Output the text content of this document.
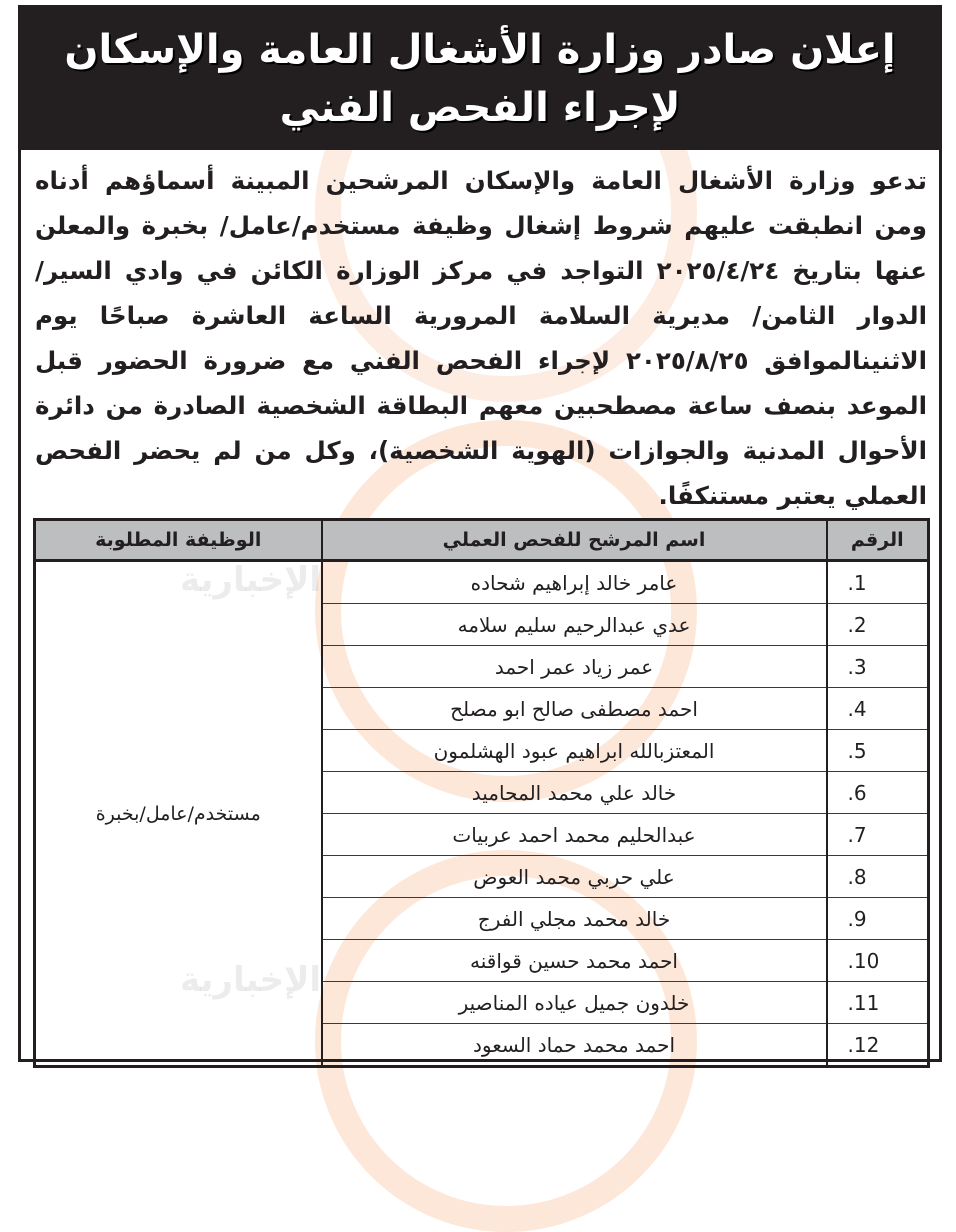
الإخبارية
الإخبارية
إعلان صادر وزارة الأشغال العامة والإسكان
لإجراء الفحص الفني
تدعو وزارة الأشغال العامة والإسكان المرشحين المبينة أسماؤهم أدناه ومن انطبقت عليهم شروط إشغال وظيفة مستخدم/عامل/ بخبرة والمعلن عنها بتاريخ ٢٠٢٥/٤/٢٤ التواجد في مركز الوزارة الكائن في وادي السير/ الدوار الثامن/ مديرية السلامة المرورية الساعة العاشرة صباحًا يوم الاثنينالموافق ٢٠٢٥/٨/٢٥ لإجراء الفحص الفني مع ضرورة الحضور قبل الموعد بنصف ساعة مصطحبين معهم البطاقة الشخصية الصادرة من دائرة الأحوال المدنية والجوازات (الهوية الشخصية)، وكل من لم يحضر الفحص العملي يعتبر مستنكفًا.
الرقم	اسم المرشح للفحص العملي	الوظيفة المطلوبة
.1	عامر خالد إبراهيم شحاده	مستخدم/عامل/بخبرة
.2	عدي عبدالرحيم سليم سلامه	
.3	عمر زياد عمر احمد	
.4	احمد مصطفى صالح ابو مصلح	
.5	المعتزبالله ابراهيم عبود الهشلمون	
.6	خالد علي محمد المحاميد	
.7	عبدالحليم محمد احمد عربيات	
.8	علي حربي محمد العوض	
.9	خالد محمد مجلي الفرج	
.10	احمد محمد حسين قواقنه	
.11	خلدون جميل عياده المناصير	
.12	احمد محمد حماد السعود	
